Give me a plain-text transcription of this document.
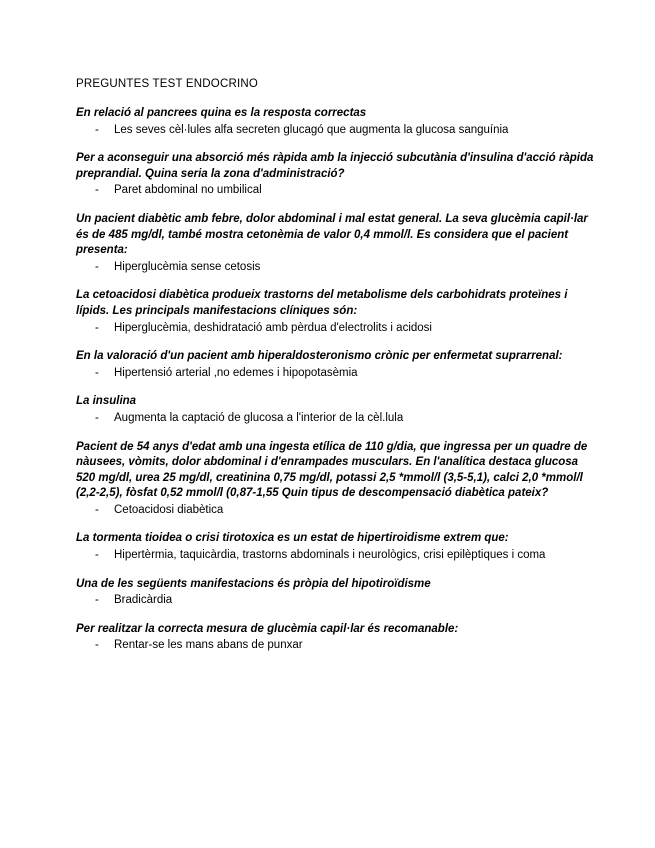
PREGUNTES TEST ENDOCRINO

En relació al pancrees quina es la resposta correctas

-	Les seves cèl·lules alfa secreten glucagó que augmenta la glucosa sanguínia

Per a aconseguir una absorció més ràpida amb la injecció subcutània d'insulina d'acció ràpida preprandial. Quina seria la zona d'administració?

-	Paret abdominal no umbilical

Un pacient diabètic amb febre, dolor abdominal i mal estat general. La seva glucèmia capil·lar és de 485 mg/dl, també mostra cetonèmia de valor 0,4 mmol/l. Es considera que el pacient presenta:

-	Hiperglucèmia sense cetosis

La cetoacidosi diabètica produeix trastorns del metabolisme dels carbohidrats proteïnes i lípids. Les principals manifestacions clíniques són:

-	Hiperglucèmia, deshidratació amb pèrdua d'electrolits i acidosi

En la valoració d'un pacient amb hiperaldosteronismo crònic per enfermetat suprarrenal:

-	Hipertensió arterial ,no edemes i hipopotasèmia

La insulina

-	Augmenta la captació de glucosa a l'interior de la cèl.lula

Pacient de 54 anys d'edat amb una ingesta etílica de 110 g/dia, que ingressa per un quadre de nàusees, vòmits, dolor abdominal i d'enrampades musculars. En l'analítica destaca glucosa 520 mg/dl, urea 25 mg/dl, creatinina 0,75 mg/dl, potassi 2,5 *mmol/l (3,5-5,1), calci 2,0 *mmol/l (2,2-2,5), fòsfat 0,52 mmol/l (0,87-1,55 Quin tipus de descompensació diabètica pateix?

-	Cetoacidosi diabètica

La tormenta tioidea o crisi tirotoxica es un estat de hipertiroidisme extrem que:

-	Hipertèrmia, taquicàrdia, trastorns abdominals i neurològics, crisi epilèptiques i coma

Una de les següents manifestacions és pròpia del hipotiroïdisme

-	Bradicàrdia

Per realitzar la correcta mesura de glucèmia capil·lar és recomanable:

-	Rentar-se les mans abans de punxar
